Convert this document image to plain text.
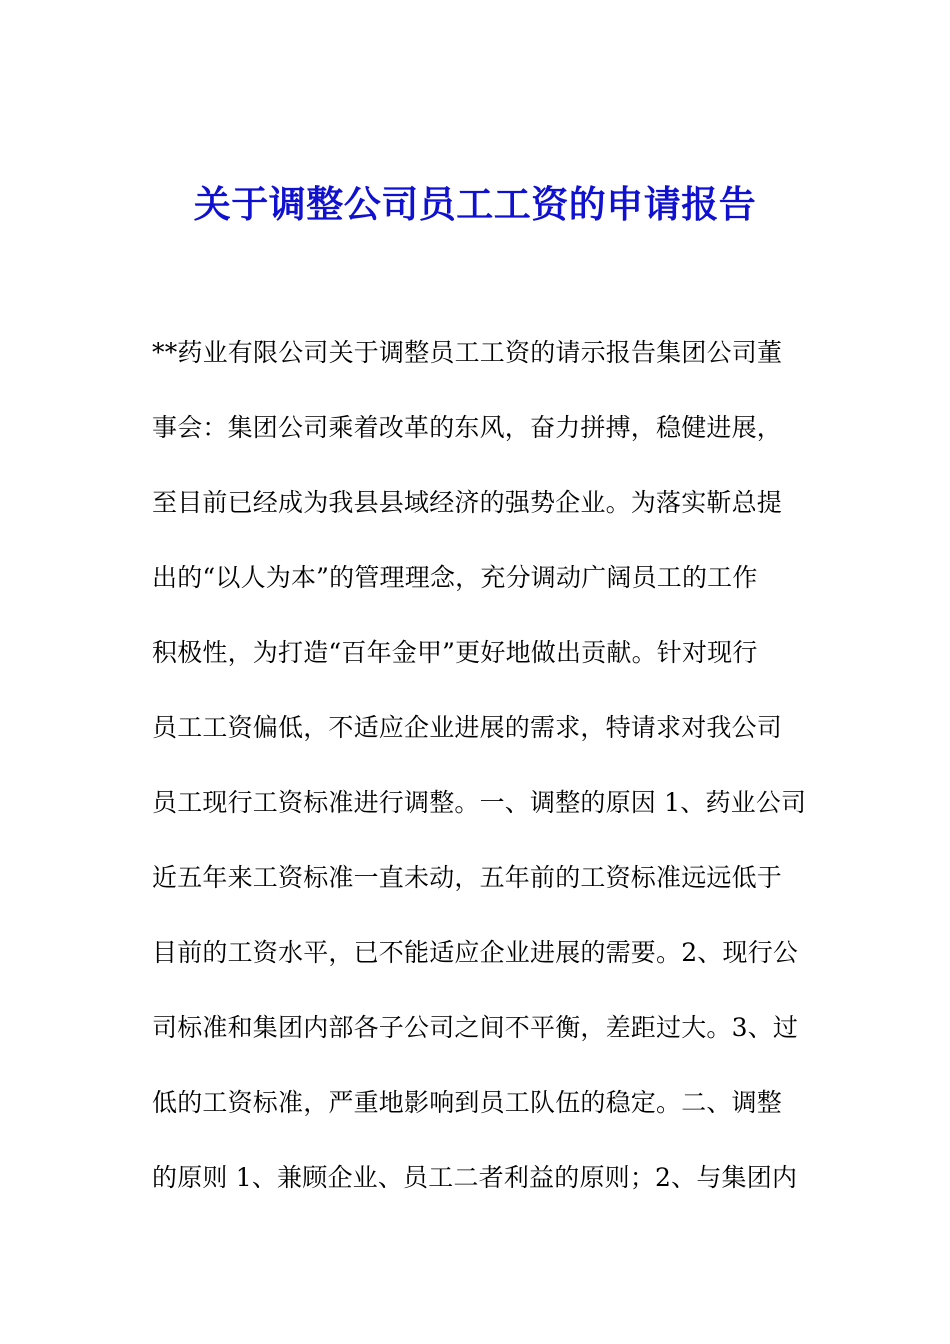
关于调整公司员工工资的申请报告
**药业有限公司关于调整员工工资的请示报告集团公司董
事会：集团公司乘着改革的东风，奋力拼搏，稳健进展，
至目前已经成为我县县域经济的强势企业。为落实靳总提
出的“以人为本”的管理理念，充分调动广阔员工的工作
积极性，为打造“百年金甲”更好地做出贡献。针对现行
员工工资偏低，不适应企业进展的需求，特请求对我公司
员工现行工资标准进行调整。一、调整的原因 1、药业公司
近五年来工资标准一直未动，五年前的工资标准远远低于
目前的工资水平，已不能适应企业进展的需要。2、现行公
司标准和集团内部各子公司之间不平衡，差距过大。3、过
低的工资标准，严重地影响到员工队伍的稳定。二、调整
的原则 1、兼顾企业、员工二者利益的原则；2、与集团内
